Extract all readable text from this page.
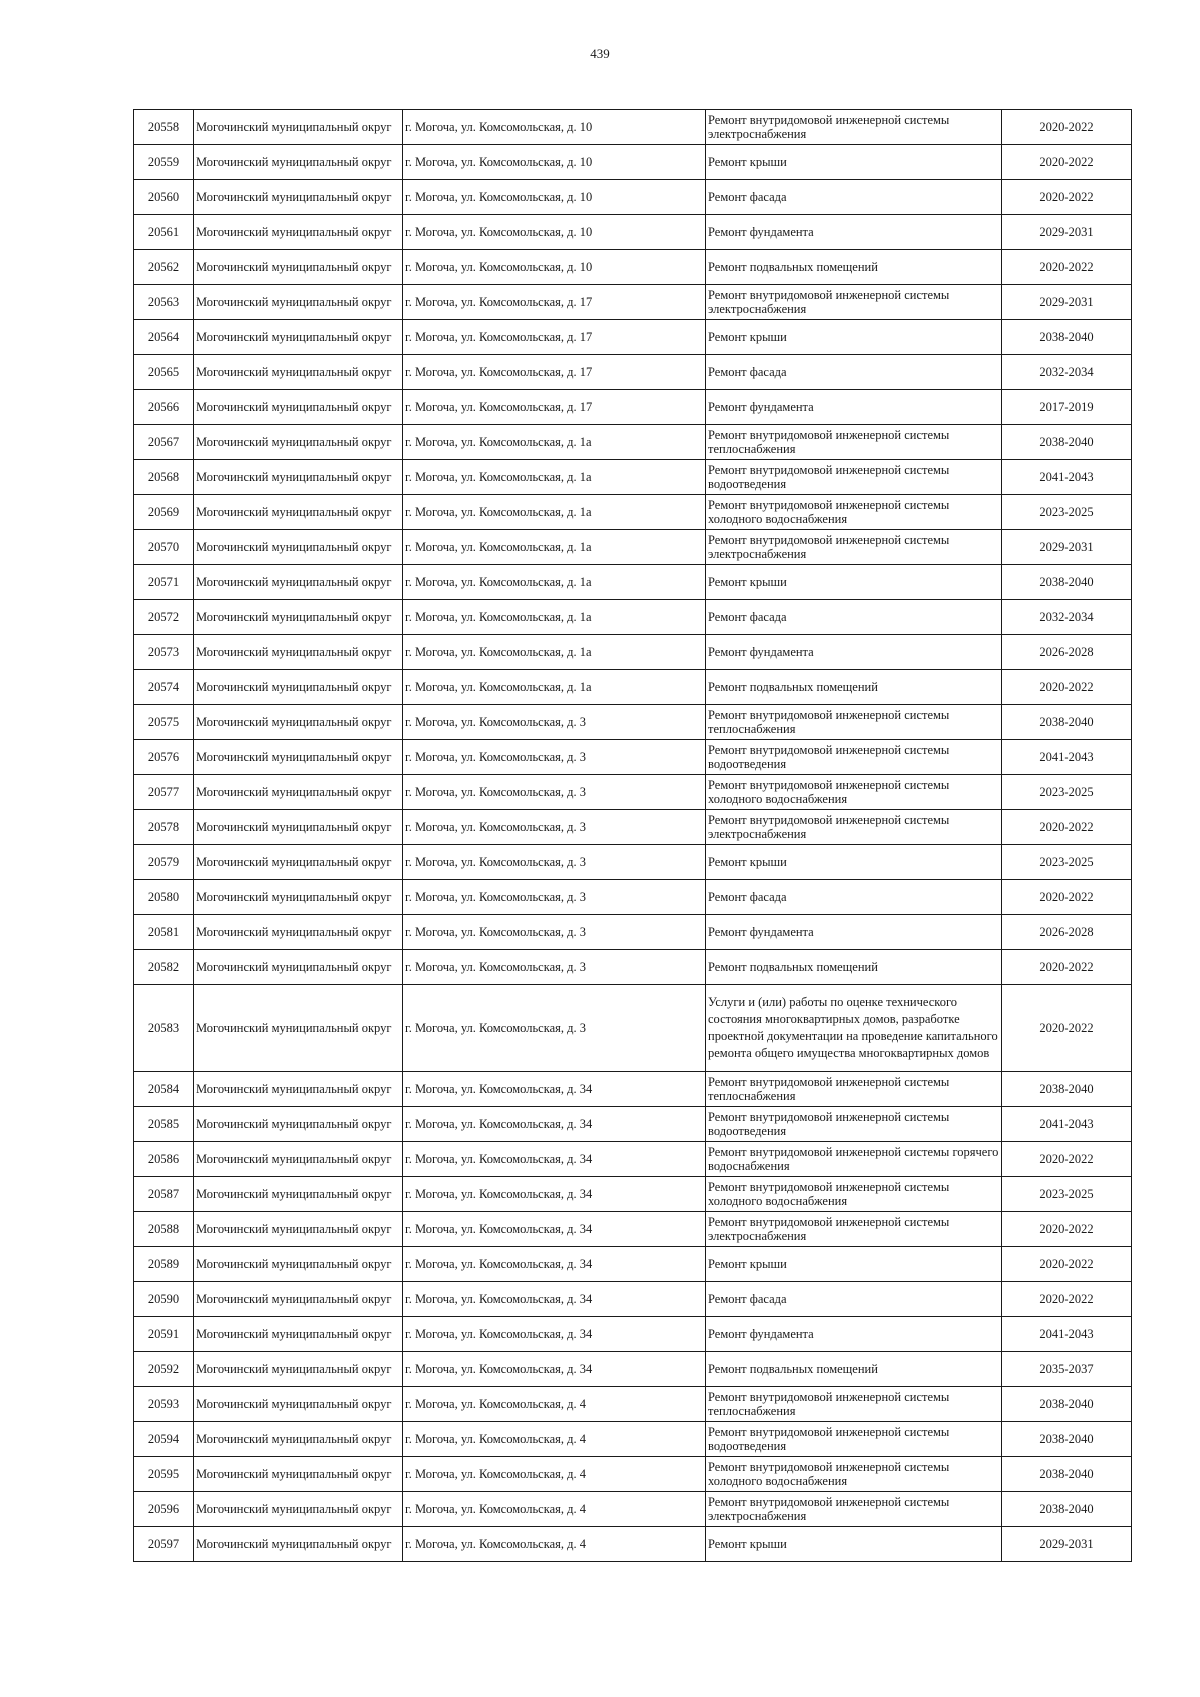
439
20558	Могочинский муниципальный округ	г. Могоча, ул. Комсомольская, д. 10	Ремонт внутридомовой инженерной системы электроснабжения	2020-2022
20559	Могочинский муниципальный округ	г. Могоча, ул. Комсомольская, д. 10	Ремонт крыши	2020-2022
20560	Могочинский муниципальный округ	г. Могоча, ул. Комсомольская, д. 10	Ремонт фасада	2020-2022
20561	Могочинский муниципальный округ	г. Могоча, ул. Комсомольская, д. 10	Ремонт фундамента	2029-2031
20562	Могочинский муниципальный округ	г. Могоча, ул. Комсомольская, д. 10	Ремонт подвальных помещений	2020-2022
20563	Могочинский муниципальный округ	г. Могоча, ул. Комсомольская, д. 17	Ремонт внутридомовой инженерной системы электроснабжения	2029-2031
20564	Могочинский муниципальный округ	г. Могоча, ул. Комсомольская, д. 17	Ремонт крыши	2038-2040
20565	Могочинский муниципальный округ	г. Могоча, ул. Комсомольская, д. 17	Ремонт фасада	2032-2034
20566	Могочинский муниципальный округ	г. Могоча, ул. Комсомольская, д. 17	Ремонт фундамента	2017-2019
20567	Могочинский муниципальный округ	г. Могоча, ул. Комсомольская, д. 1а	Ремонт внутридомовой инженерной системы теплоснабжения	2038-2040
20568	Могочинский муниципальный округ	г. Могоча, ул. Комсомольская, д. 1а	Ремонт внутридомовой инженерной системы водоотведения	2041-2043
20569	Могочинский муниципальный округ	г. Могоча, ул. Комсомольская, д. 1а	Ремонт внутридомовой инженерной системы холодного водоснабжения	2023-2025
20570	Могочинский муниципальный округ	г. Могоча, ул. Комсомольская, д. 1а	Ремонт внутридомовой инженерной системы электроснабжения	2029-2031
20571	Могочинский муниципальный округ	г. Могоча, ул. Комсомольская, д. 1а	Ремонт крыши	2038-2040
20572	Могочинский муниципальный округ	г. Могоча, ул. Комсомольская, д. 1а	Ремонт фасада	2032-2034
20573	Могочинский муниципальный округ	г. Могоча, ул. Комсомольская, д. 1а	Ремонт фундамента	2026-2028
20574	Могочинский муниципальный округ	г. Могоча, ул. Комсомольская, д. 1а	Ремонт подвальных помещений	2020-2022
20575	Могочинский муниципальный округ	г. Могоча, ул. Комсомольская, д. 3	Ремонт внутридомовой инженерной системы теплоснабжения	2038-2040
20576	Могочинский муниципальный округ	г. Могоча, ул. Комсомольская, д. 3	Ремонт внутридомовой инженерной системы водоотведения	2041-2043
20577	Могочинский муниципальный округ	г. Могоча, ул. Комсомольская, д. 3	Ремонт внутридомовой инженерной системы холодного водоснабжения	2023-2025
20578	Могочинский муниципальный округ	г. Могоча, ул. Комсомольская, д. 3	Ремонт внутридомовой инженерной системы электроснабжения	2020-2022
20579	Могочинский муниципальный округ	г. Могоча, ул. Комсомольская, д. 3	Ремонт крыши	2023-2025
20580	Могочинский муниципальный округ	г. Могоча, ул. Комсомольская, д. 3	Ремонт фасада	2020-2022
20581	Могочинский муниципальный округ	г. Могоча, ул. Комсомольская, д. 3	Ремонт фундамента	2026-2028
20582	Могочинский муниципальный округ	г. Могоча, ул. Комсомольская, д. 3	Ремонт подвальных помещений	2020-2022
20583	Могочинский муниципальный округ	г. Могоча, ул. Комсомольская, д. 3	Услуги и (или) работы по оценке технического состояния многоквартирных домов, разработке проектной документации на проведение капитального ремонта общего имущества многоквартирных домов	2020-2022
20584	Могочинский муниципальный округ	г. Могоча, ул. Комсомольская, д. 34	Ремонт внутридомовой инженерной системы теплоснабжения	2038-2040
20585	Могочинский муниципальный округ	г. Могоча, ул. Комсомольская, д. 34	Ремонт внутридомовой инженерной системы водоотведения	2041-2043
20586	Могочинский муниципальный округ	г. Могоча, ул. Комсомольская, д. 34	Ремонт внутридомовой инженерной системы горячего водоснабжения	2020-2022
20587	Могочинский муниципальный округ	г. Могоча, ул. Комсомольская, д. 34	Ремонт внутридомовой инженерной системы холодного водоснабжения	2023-2025
20588	Могочинский муниципальный округ	г. Могоча, ул. Комсомольская, д. 34	Ремонт внутридомовой инженерной системы электроснабжения	2020-2022
20589	Могочинский муниципальный округ	г. Могоча, ул. Комсомольская, д. 34	Ремонт крыши	2020-2022
20590	Могочинский муниципальный округ	г. Могоча, ул. Комсомольская, д. 34	Ремонт фасада	2020-2022
20591	Могочинский муниципальный округ	г. Могоча, ул. Комсомольская, д. 34	Ремонт фундамента	2041-2043
20592	Могочинский муниципальный округ	г. Могоча, ул. Комсомольская, д. 34	Ремонт подвальных помещений	2035-2037
20593	Могочинский муниципальный округ	г. Могоча, ул. Комсомольская, д. 4	Ремонт внутридомовой инженерной системы теплоснабжения	2038-2040
20594	Могочинский муниципальный округ	г. Могоча, ул. Комсомольская, д. 4	Ремонт внутридомовой инженерной системы водоотведения	2038-2040
20595	Могочинский муниципальный округ	г. Могоча, ул. Комсомольская, д. 4	Ремонт внутридомовой инженерной системы холодного водоснабжения	2038-2040
20596	Могочинский муниципальный округ	г. Могоча, ул. Комсомольская, д. 4	Ремонт внутридомовой инженерной системы электроснабжения	2038-2040
20597	Могочинский муниципальный округ	г. Могоча, ул. Комсомольская, д. 4	Ремонт крыши	2029-2031
